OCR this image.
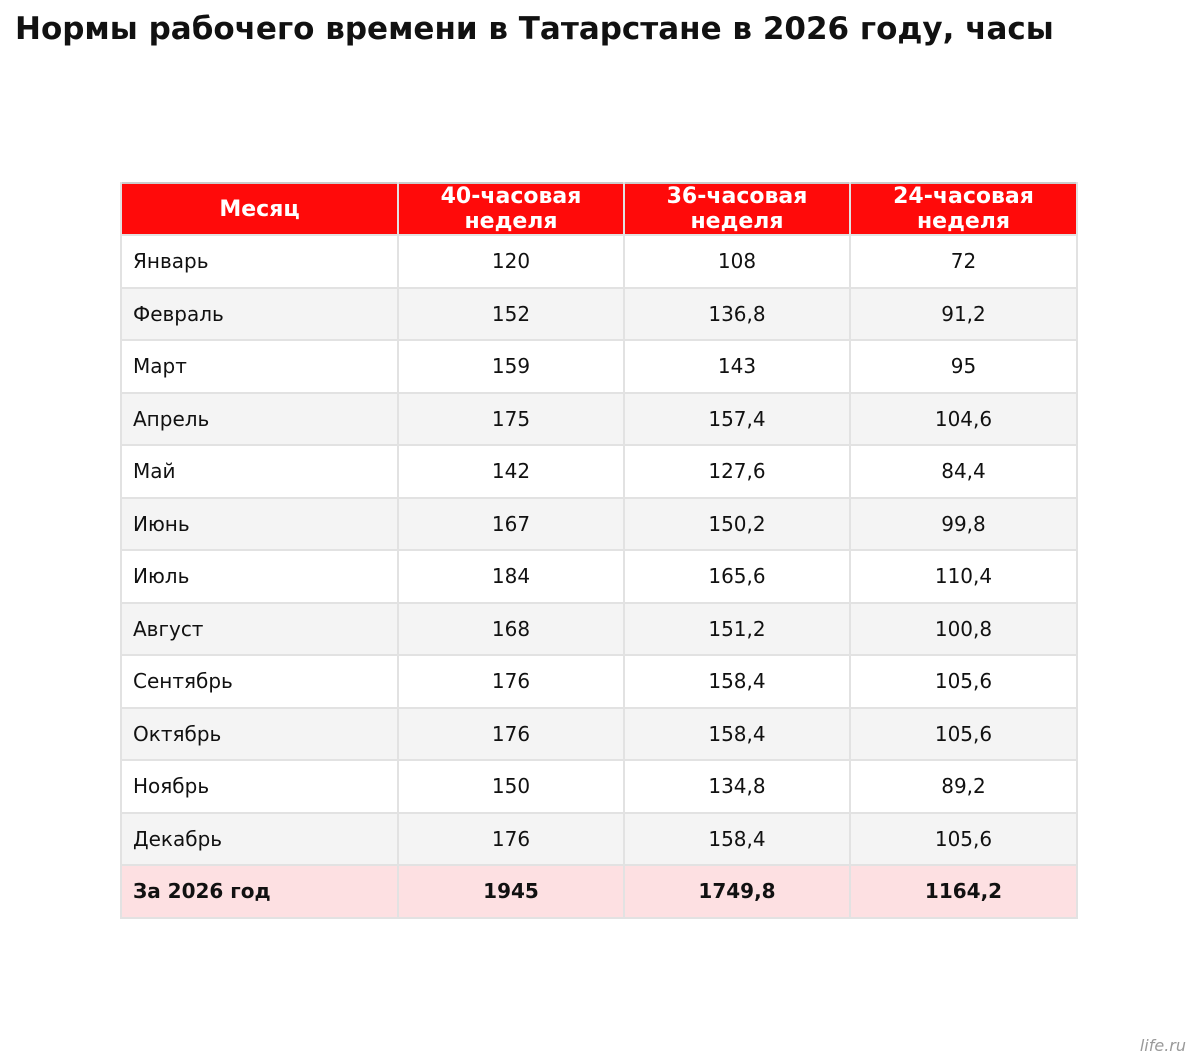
Нормы рабочего времени в Татарстане в 2026 году, часы
Месяц	40-часовая неделя	36-часовая неделя	24-часовая неделя
Январь	120	108	72
Февраль	152	136,8	91,2
Март	159	143	95
Апрель	175	157,4	104,6
Май	142	127,6	84,4
Июнь	167	150,2	99,8
Июль	184	165,6	110,4
Август	168	151,2	100,8
Сентябрь	176	158,4	105,6
Октябрь	176	158,4	105,6
Ноябрь	150	134,8	89,2
Декабрь	176	158,4	105,6
За 2026 год	1945	1749,8	1164,2
life.ru
